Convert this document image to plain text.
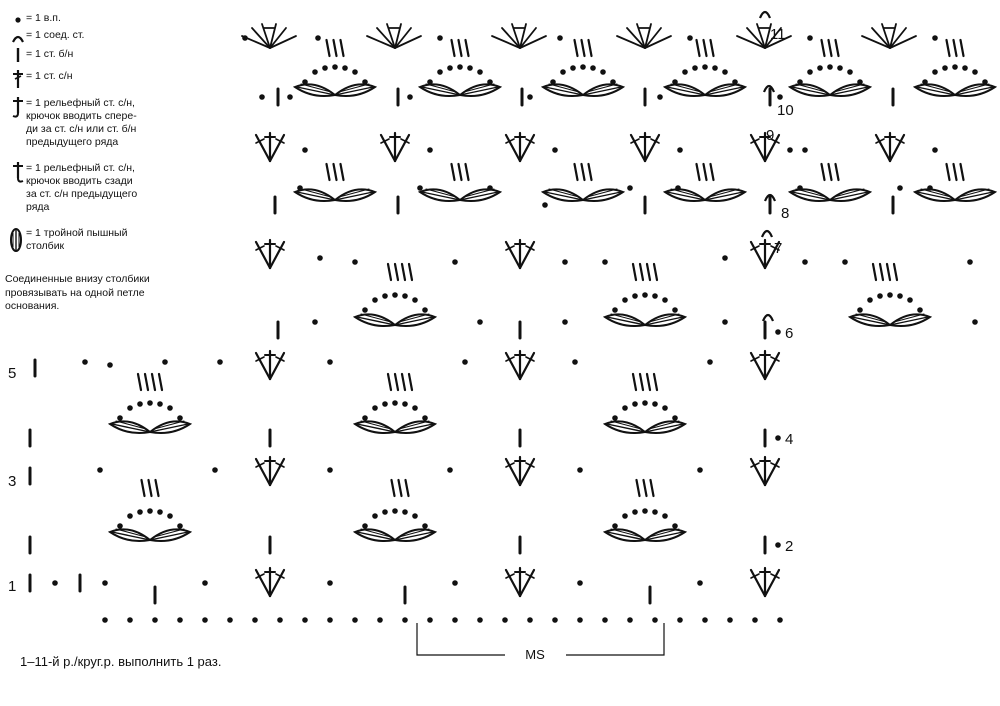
= 1 в.п.
= 1 соед. ст.
= 1 ст. б/н
= 1 ст. с/н
= 1 рельефный ст. с/н,
крючок вводить спере-
ди за ст. с/н или ст. б/н
предыдущего ряда
= 1 рельефный ст. с/н,
крючок вводить сзади
за ст. с/н предыдущего
ряда
= 1 тройной пышный
столбик
Соединенные внизу столбики
провязывать на одной петле
основания.
1–11-й р./круг.р. выполнить 1 раз.	MS
1
2
3
4
5
6
7
8
9
10
11
